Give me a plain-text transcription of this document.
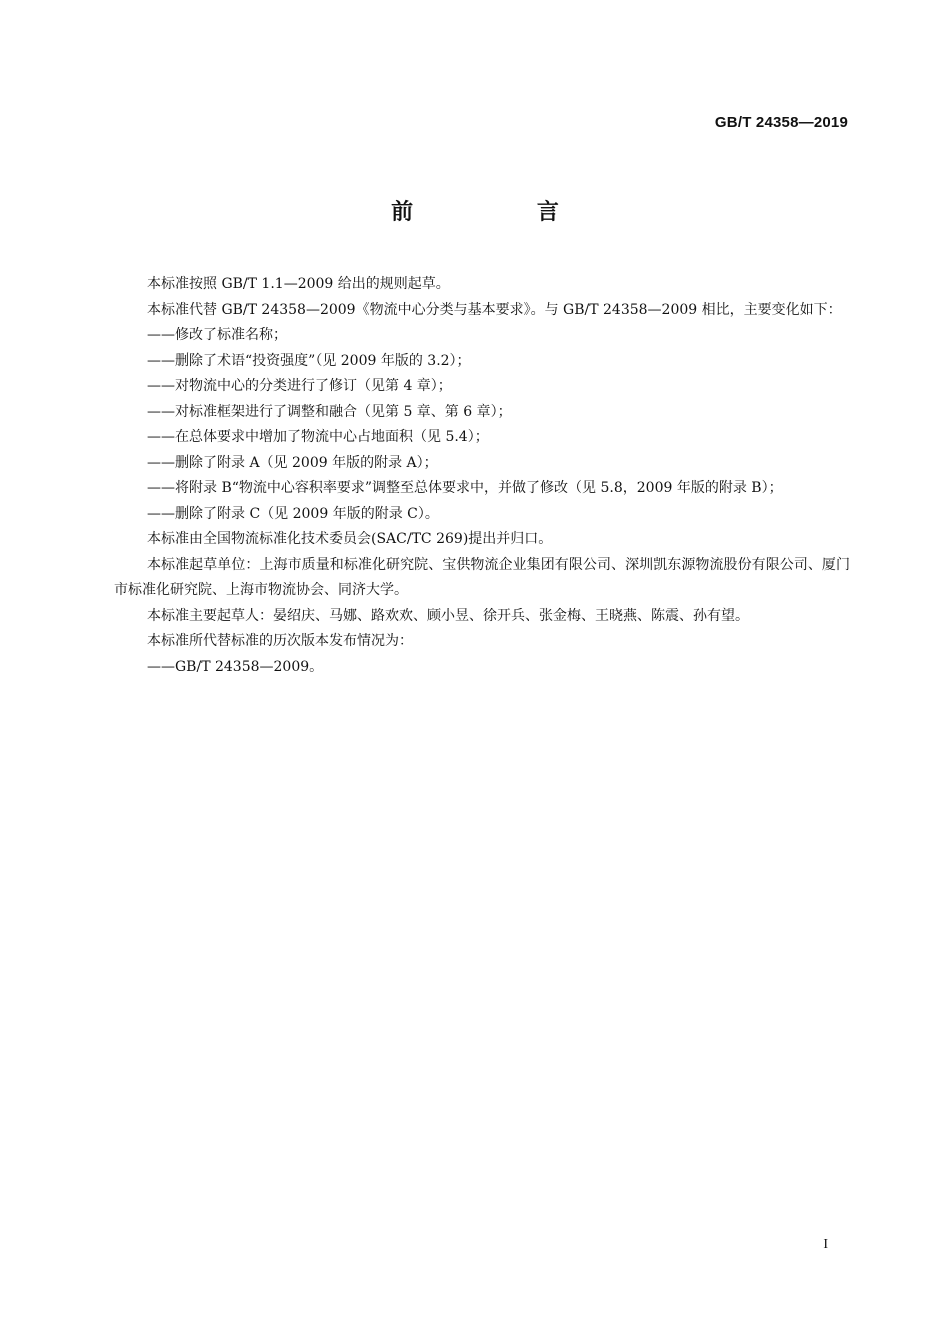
GB/T 24358—2019
前 言

本标准按照 GB/T 1.1—2009 给出的规则起草。

本标准代替 GB/T 24358—2009《物流中心分类与基本要求》。与 GB/T 24358—2009 相比，主要变化如下：

——修改了标准名称；

——删除了术语“投资强度”（见 2009 年版的 3.2）；

——对物流中心的分类进行了修订（见第 4 章）；

——对标准框架进行了调整和融合（见第 5 章、第 6 章）；

——在总体要求中增加了物流中心占地面积（见 5.4）；

——删除了附录 A（见 2009 年版的附录 A）；

——将附录 B“物流中心容积率要求”调整至总体要求中，并做了修改（见 5.8，2009 年版的附录 B）；

——删除了附录 C（见 2009 年版的附录 C）。

本标准由全国物流标准化技术委员会(SAC/TC 269)提出并归口。

本标准起草单位：上海市质量和标准化研究院、宝供物流企业集团有限公司、深圳凯东源物流股份有限公司、厦门市标准化研究院、上海市物流协会、同济大学。

本标准主要起草人：晏绍庆、马娜、路欢欢、顾小昱、徐开兵、张金梅、王晓燕、陈震、孙有望。

本标准所代替标准的历次版本发布情况为：

——GB/T 24358—2009。

I
